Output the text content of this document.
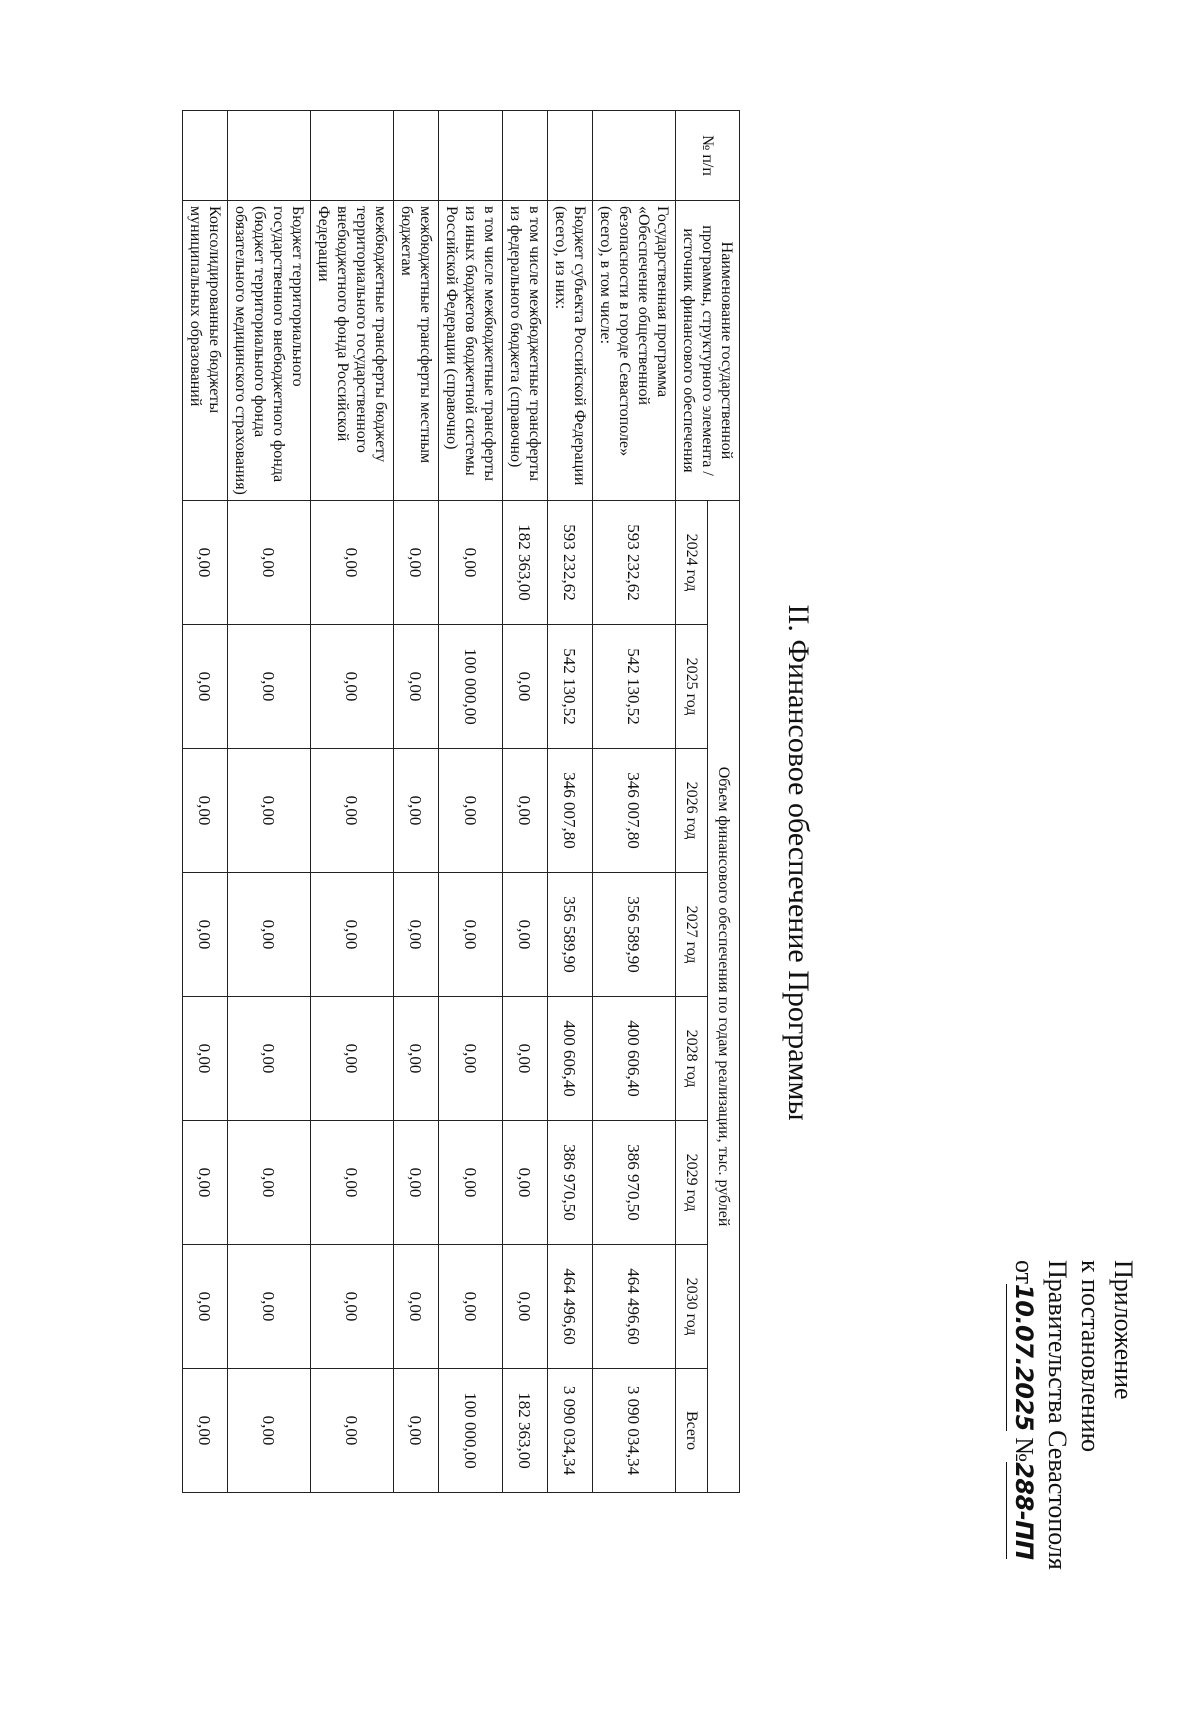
Приложение
к постановлению
Правительства Севастополя
от10.07.2025 №288-ПП
II. Финансовое обеспечение Программы
№ п/п	Наименование государственной программы, структурного элемента / источник финансового обеспечения	Объем финансового обеспечения по годам реализации, тыс. рублей							
		2024 год	2025 год	2026 год	2027 год	2028 год	2029 год	2030 год	Всего
	Государственная программа «Обеспечение общественной безопасности в городе Севастополе» (всего), в том числе:	593 232,62	542 130,52	346 007,80	356 589,90	400 606,40	386 970,50	464 496,60	3 090 034,34
	Бюджет субъекта Российской Федерации (всего), из них:	593 232,62	542 130,52	346 007,80	356 589,90	400 606,40	386 970,50	464 496,60	3 090 034,34
	в том числе межбюджетные трансферты из федерального бюджета (справочно)	182 363,00	0,00	0,00	0,00	0,00	0,00	0,00	182 363,00
	в том числе межбюджетные трансферты из иных бюджетов бюджетной системы Российской Федерации (справочно)	0,00	100 000,00	0,00	0,00	0,00	0,00	0,00	100 000,00
	межбюджетные трансферты местным бюджетам	0,00	0,00	0,00	0,00	0,00	0,00	0,00	0,00
	межбюджетные трансферты бюджету территориального государственного внебюджетного фонда Российской Федерации	0,00	0,00	0,00	0,00	0,00	0,00	0,00	0,00
	Бюджет территориального государственного внебюджетного фонда (бюджет территориального фонда обязательного медицинского страхования)	0,00	0,00	0,00	0,00	0,00	0,00	0,00	0,00
	Консолидированные бюджеты муниципальных образований	0,00	0,00	0,00	0,00	0,00	0,00	0,00	0,00
